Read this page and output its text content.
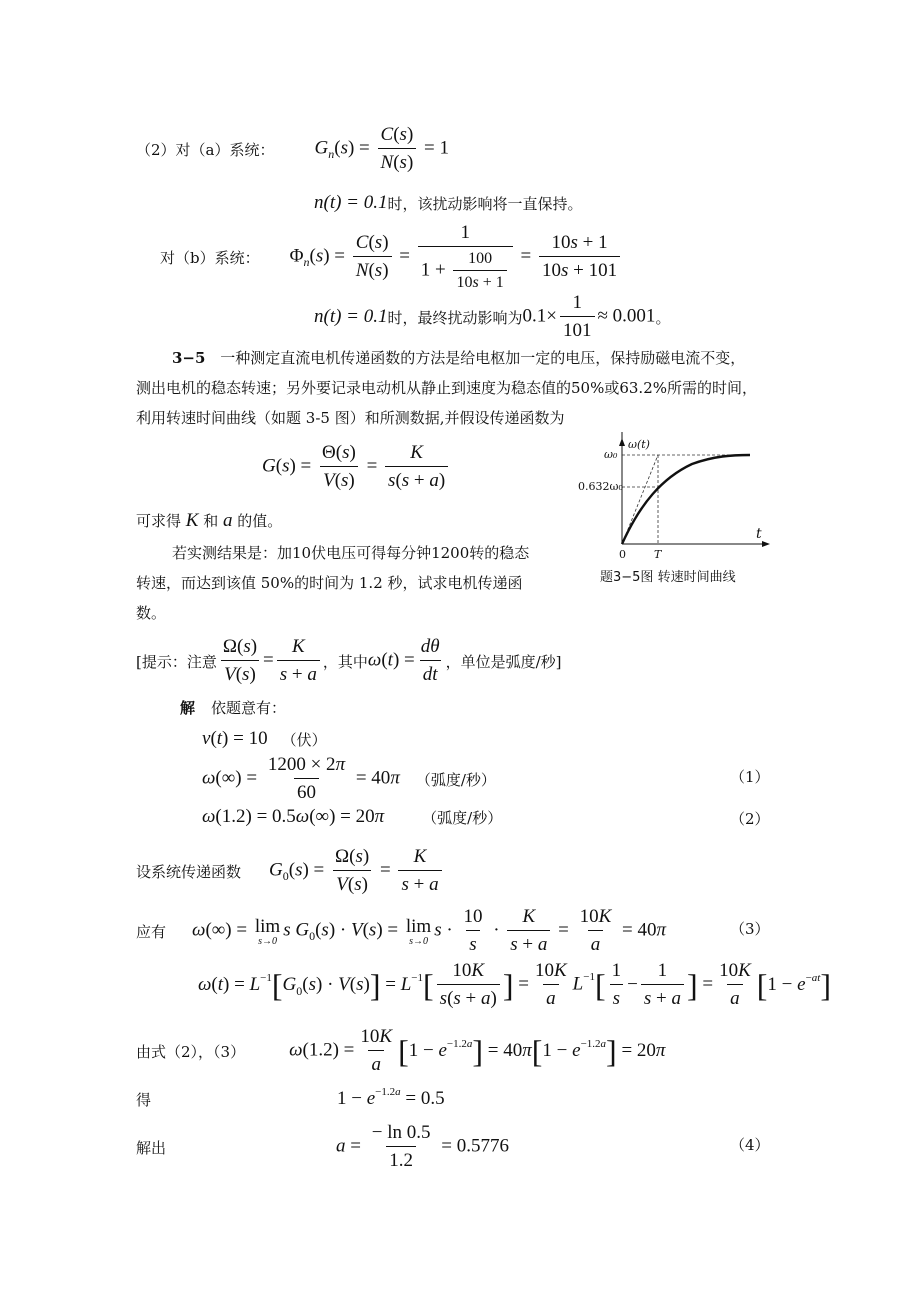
（2）对（a）系统： $G_n(s) = \frac{C(s)}{N(s)} = 1$
n(t) = 0.1 时，该扰动影响将一直保持。
对（b）系统： $\Phi_n(s) = \frac{C(s)}{N(s)} = \frac{1}{1 + \frac{100}{10s + 1}} = \frac{10s + 1}{10s + 101}$
n(t) = 0.1 时，最终扰动影响为 $0.1\times \frac{1}{101} \approx 0.001$ 。
3−5 一种测定直流电机传递函数的方法是给电枢加一定的电压，保持励磁电流不变，
测出电机的稳态转速；另外要记录电动机从静止到速度为稳态值的50%或63.2%所需的时间，
利用转速时间曲线（如题 3-5 图）和所测数据,并假设传递函数为
$G(s) = \frac{\Theta(s)}{V(s)} = \frac{K}{s(s + a)}$
可求得 K 和 a 的值。
若实测结果是：加10伏电压可得每分钟1200转的稳态
转速，而达到该值 50%的时间为 1.2 秒，试求电机传递函
数。
ω(t)
ω₀
0.632ω₀
t
0	T
题3−5图 转速时间曲线
[提示：注意 $\frac{\Omega(s)}{V(s)} = \frac{K}{s + a}$ ，其中 $\omega(t) = \frac{d\theta}{dt}$ ，单位是弧度/秒]
解 依题意有：
v(t) = 10 （伏）
$\omega(\infty) = \frac{1200 \times 2\pi}{60} = 40\pi$ （弧度/秒）	（1）
ω(1.2) = 0.5ω(∞) = 20π	（弧度/秒）	（2）
设系统传递函数 $G_0(s) = \frac{\Omega(s)}{V(s)} = \frac{K}{s + a}$
应有 ω(∞) = lim
s→0
s $G_0(s) \cdot V(s) = \lim$
s→0
$s \cdot \frac{10}{s} \cdot \frac{K}{s + a} = \frac{10K}{a} = 40\pi$	（3）
$\omega(t) = L^{-1}$ [ $G_0(s) \cdot V(s)$ ] = $L^{-1}$ [ $\frac{10K}{s(s + a)}$ ] = $\frac{10K}{a} L^{-1}$ [ $\frac{1}{s} - \frac{1}{s + a}$ ] = $\frac{10K}{a}$ [ $1 - e^{-at}$ ]
由式（2），（3） $\omega(1.2) = \frac{10K}{a}$ [ $1 - e^{-1.2a}$ ] = 40π [ $1 - e^{-1.2a}$ ] = 20π
得	$1 - e^{-1.2a} = 0.5$
解出	$a = \frac{- \ln 0.5}{1.2} = 0.5776$	（4）
